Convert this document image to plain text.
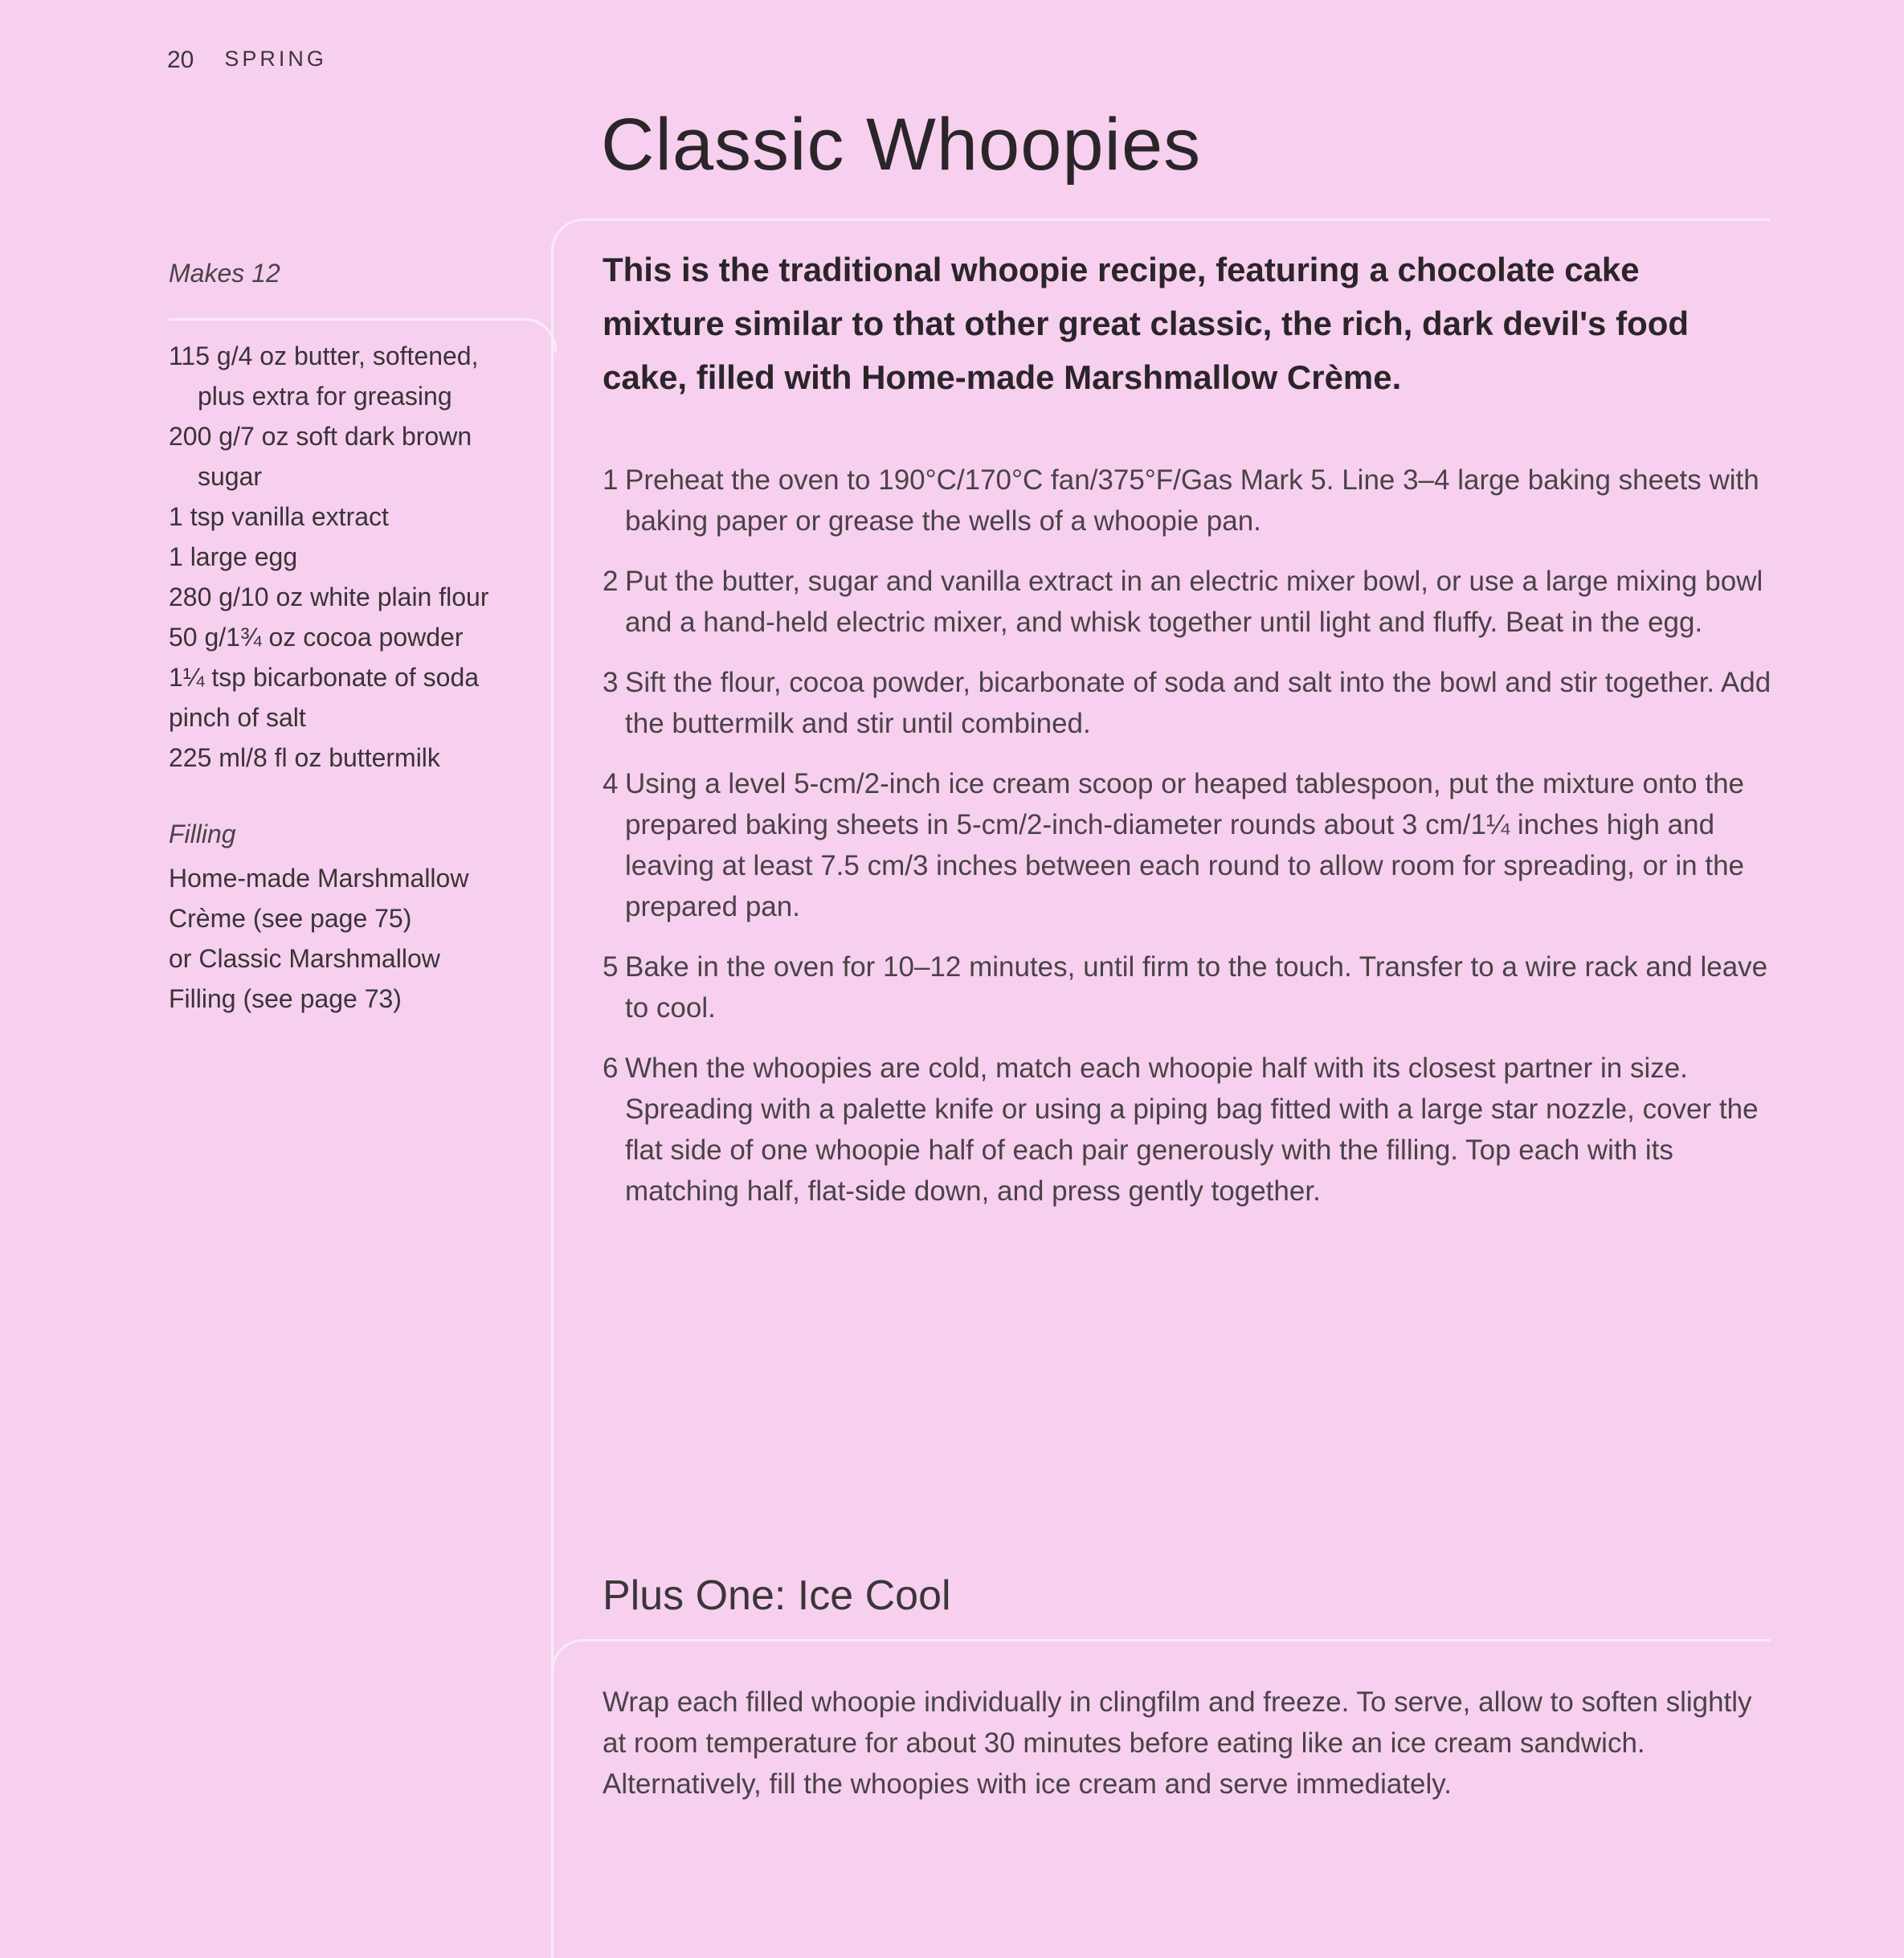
20 SPRING
Classic Whoopies
Makes 12
115 g/4 oz butter, softened, plus extra for greasing
200 g/7 oz soft dark brown sugar
1 tsp vanilla extract
1 large egg
280 g/10 oz white plain flour
50 g/1¾ oz cocoa powder
1¼ tsp bicarbonate of soda
pinch of salt
225 ml/8 fl oz buttermilk
Filling
Home-made Marshmallow
Crème (see page 75)
or Classic Marshmallow
Filling (see page 73)

This is the traditional whoopie recipe, featuring a chocolate cake mixture similar to that other great classic, the rich, dark devil's food cake, filled with Home-made Marshmallow Crème.

1 Preheat the oven to 190°C/170°C fan/375°F/Gas Mark 5. Line 3–4 large baking sheets with baking paper or grease the wells of a whoopie pan.
2 Put the butter, sugar and vanilla extract in an electric mixer bowl, or use a large mixing bowl and a hand-held electric mixer, and whisk together until light and fluffy. Beat in the egg.
3 Sift the flour, cocoa powder, bicarbonate of soda and salt into the bowl and stir together. Add the buttermilk and stir until combined.
4 Using a level 5-cm/2-inch ice cream scoop or heaped tablespoon, put the mixture onto the prepared baking sheets in 5-cm/2-inch-diameter rounds about 3 cm/1¼ inches high and leaving at least 7.5 cm/3 inches between each round to allow room for spreading, or in the prepared pan.
5 Bake in the oven for 10–12 minutes, until firm to the touch. Transfer to a wire rack and leave to cool.
6 When the whoopies are cold, match each whoopie half with its closest partner in size. Spreading with a palette knife or using a piping bag fitted with a large star nozzle, cover the flat side of one whoopie half of each pair generously with the filling. Top each with its matching half, flat-side down, and press gently together.
Plus One: Ice Cool

Wrap each filled whoopie individually in clingfilm and freeze. To serve, allow to soften slightly at room temperature for about 30 minutes before eating like an ice cream sandwich. Alternatively, fill the whoopies with ice cream and serve immediately.
